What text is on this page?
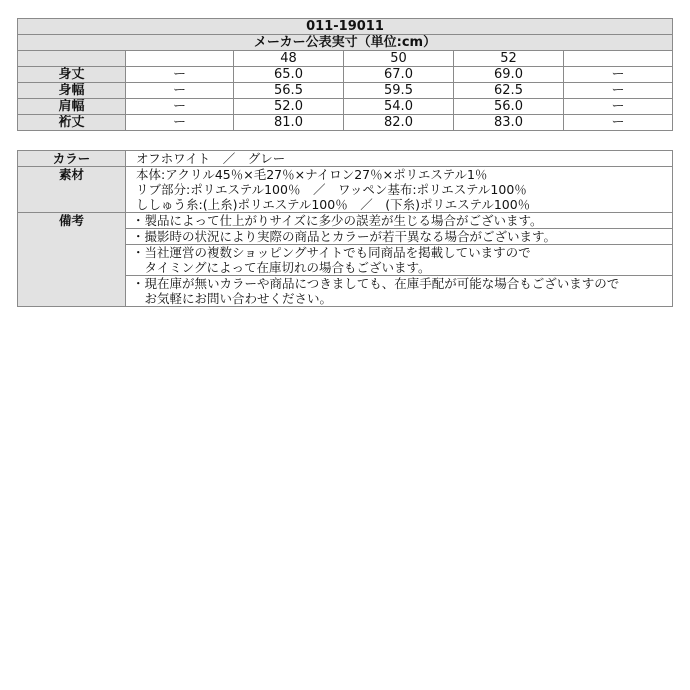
011-19011					
メーカー公表実寸（単位:cm）					
		48	50	52	
身丈	ー	65.0	67.0	69.0	ー
身幅	ー	56.5	59.5	62.5	ー
肩幅	ー	52.0	54.0	56.0	ー
裄丈	ー	81.0	82.0	83.0	ー
カラー	オフホワイト　／　グレー
素材	本体:アクリル45％×毛27％×ナイロン27％×ポリエステル1％
	リブ部分:ポリエステル100％　／　ワッペン基布:ポリエステル100％
	ししゅう糸:(上糸)ポリエステル100％　／　(下糸)ポリエステル100％
備考	・製品によって仕上がりサイズに多少の誤差が生じる場合がございます。
	・撮影時の状況により実際の商品とカラーが若干異なる場合がございます。
	・当社運営の複数ショッピングサイトでも同商品を掲載していますので
	　タイミングによって在庫切れの場合もございます。
	・現在庫が無いカラーや商品につきましても、在庫手配が可能な場合もございますので
	　お気軽にお問い合わせください。
